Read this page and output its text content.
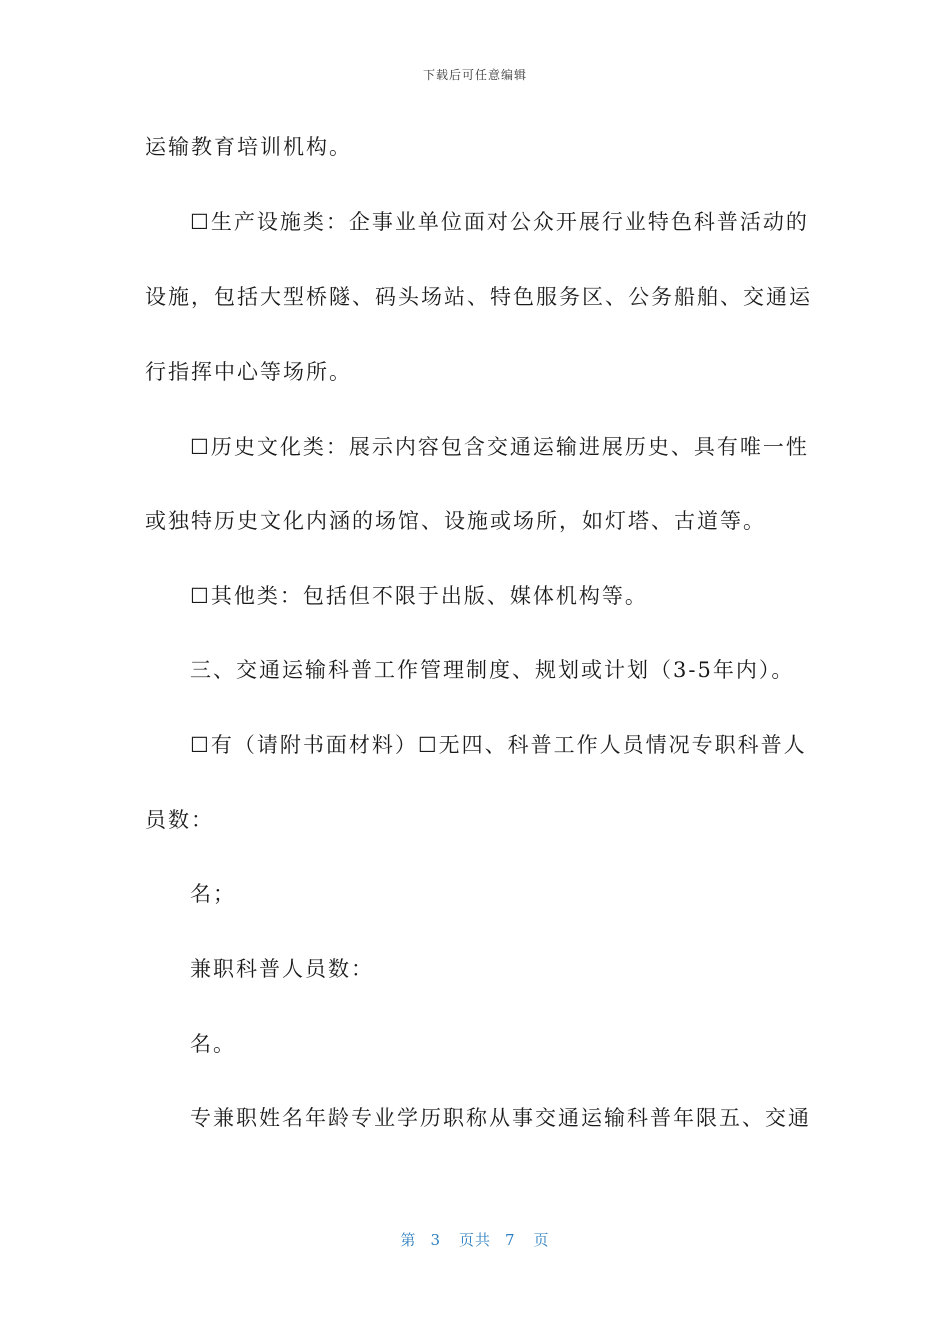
下载后可任意编辑
运输教育培训机构。
☐生产设施类：企事业单位面对公众开展行业特色科普活动的
设施，包括大型桥隧、码头场站、特色服务区、公务船舶、交通运
行指挥中心等场所。
☐历史文化类：展示内容包含交通运输进展历史、具有唯一性
或独特历史文化内涵的场馆、设施或场所，如灯塔、古道等。
☐其他类：包括但不限于出版、媒体机构等。
三、交通运输科普工作管理制度、规划或计划（3-5年内）。
☐有（请附书面材料）☐无四、科普工作人员情况专职科普人
员数：
名；
兼职科普人员数：
名。
专兼职姓名年龄专业学历职称从事交通运输科普年限五、交通
第 3 页共 7 页
